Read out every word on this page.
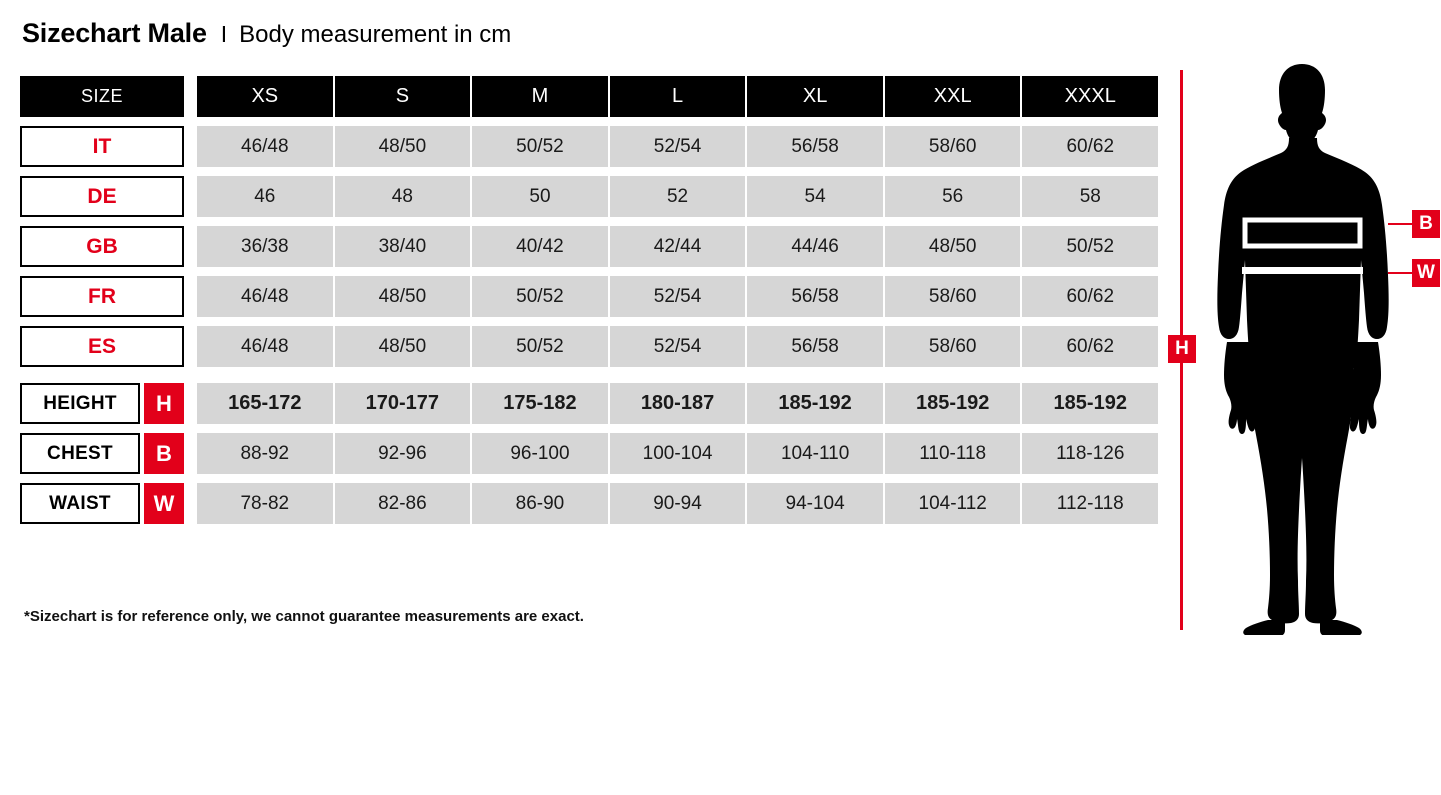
Sizechart Male I Body measurement in cm
SIZE	XS	S	M	L	XL	XXL	XXXL
IT	46/48	48/50	50/52	52/54	56/58	58/60	60/62
DE	46	48	50	52	54	56	58
GB	36/38	38/40	40/42	42/44	44/46	48/50	50/52
FR	46/48	48/50	50/52	52/54	56/58	58/60	60/62
ES	46/48	48/50	50/52	52/54	56/58	58/60	60/62
HEIGHT	H	165-172	170-177	175-182	180-187	185-192	185-192	185-192
CHEST	B	88-92	92-96	96-100	100-104	104-110	110-118	118-126
WAIST	W	78-82	82-86	86-90	90-94	94-104	104-112	112-118
*Sizechart is for reference only, we cannot guarantee measurements are exact.
H
B
W
